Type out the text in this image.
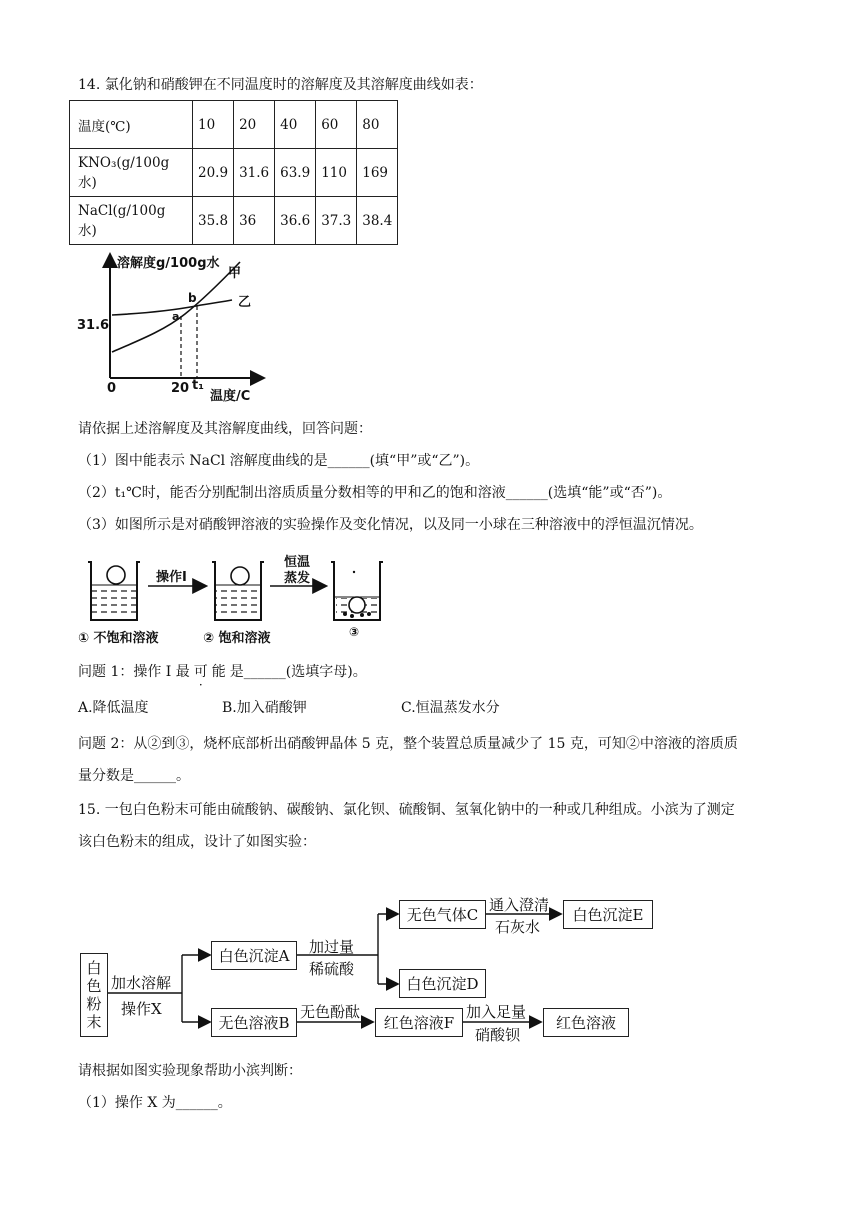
14. 氯化钠和硝酸钾在不同温度时的溶解度及其溶解度曲线如表：
温度(℃)	10	20	40	60	80
KNO₃(g/100g 水)	20.9	31.6	63.9	110	169
NaCl(g/100g 水)	35.8	36	36.6	37.3	38.4
溶解度g/100g水
甲
乙
b
a
31.6
0	20 t₁
温度/C
请依据上述溶解度及其溶解度曲线，回答问题：
（1）图中能表示 NaCl 溶解度曲线的是______(填“甲”或“乙”)。
（2）t₁℃时，能否分别配制出溶质质量分数相等的甲和乙的饱和溶液______(选填“能”或“否”)。
（3）如图所示是对硝酸钾溶液的实验操作及变化情况，以及同一小球在三种溶液中的浮恒温沉情况。
操作Ⅰ
恒温
蒸发
① 不饱和溶液	② 饱和溶液	③
问题 1：操作 I 最可能是______(选填字母)。
A.降低温度	B.加入硝酸钾	C.恒温蒸发水分
问题 2：从②到③，烧杯底部析出硝酸钾晶体 5 克，整个装置总质量减少了 15 克，可知②中溶液的溶质质
量分数是______。
15. 一包白色粉末可能由硫酸钠、碳酸钠、氯化钡、硫酸铜、氢氧化钠中的一种或几种组成。小滨为了测定
该白色粉末的组成，设计了如图实验：
白
色
粉
末
加水溶解
操作X
白色沉淀A	加过量
稀硫酸
无色气体C
通入澄清
石灰水
白色沉淀E
白色沉淀D
无色溶液B
无色酚酞
红色溶液F
加入足量
硝酸钡
红色溶液
请根据如图实验现象帮助小滨判断：
（1）操作 X 为______。
